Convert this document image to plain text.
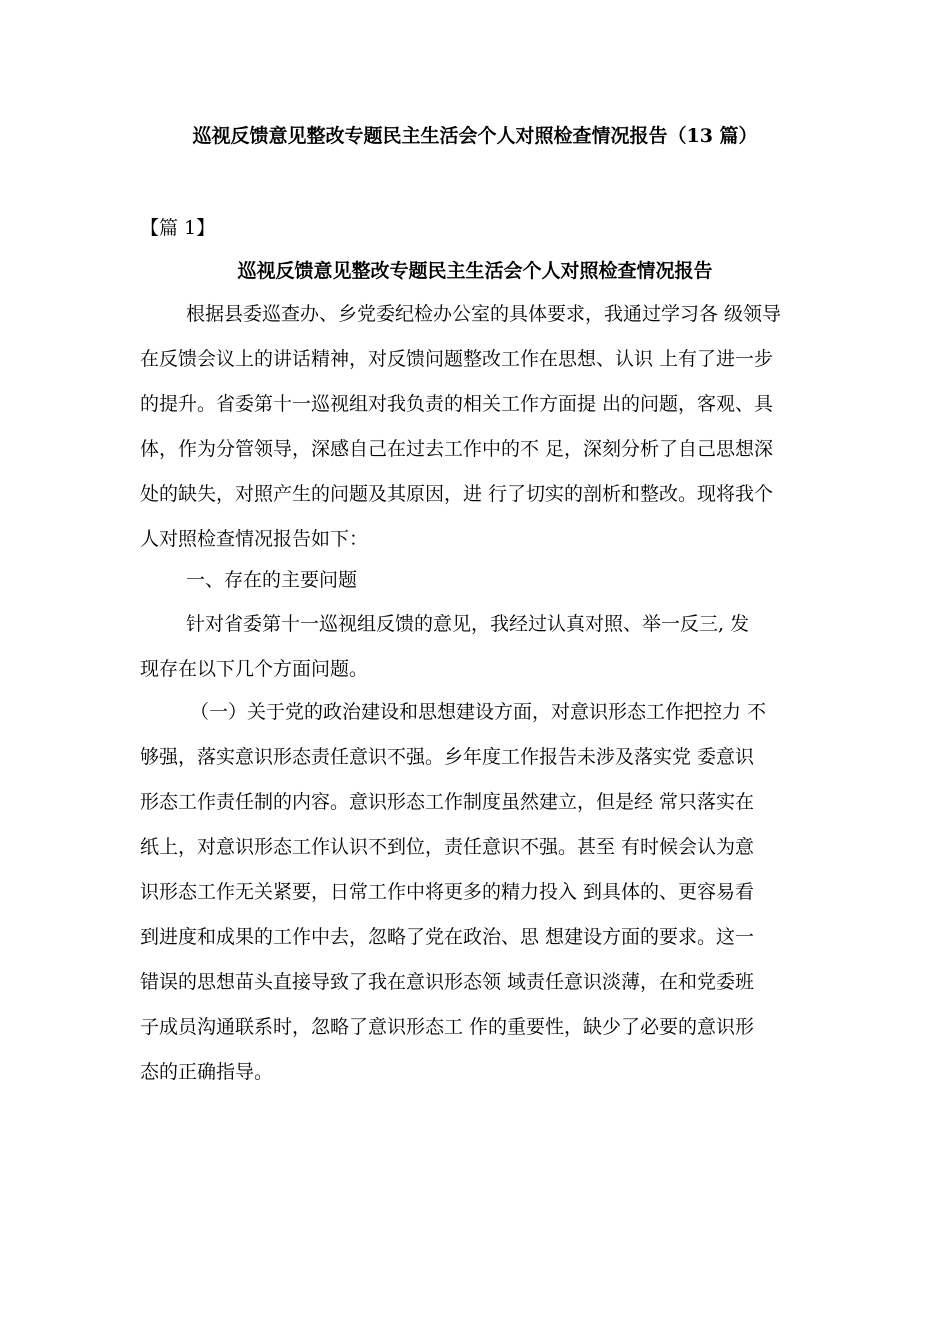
巡视反馈意见整改专题民主生活会个人对照检查情况报告（13 篇）
【篇 1】
巡视反馈意见整改专题民主生活会个人对照检查情况报告
根据县委巡查办、乡党委纪检办公室的具体要求，我通过学习各 级领导
在反馈会议上的讲话精神，对反馈问题整改工作在思想、认识 上有了进一步
的提升。省委第十一巡视组对我负责的相关工作方面提 出的问题，客观、具
体，作为分管领导，深感自己在过去工作中的不 足，深刻分析了自己思想深
处的缺失，对照产生的问题及其原因，进 行了切实的剖析和整改。现将我个
人对照检查情况报告如下：
一、存在的主要问题
针对省委第十一巡视组反馈的意见，我经过认真对照、举一反三, 发
现存在以下几个方面问题。
（一）关于党的政治建设和思想建设方面，对意识形态工作把控力 不
够强，落实意识形态责任意识不强。乡年度工作报告未涉及落实党 委意识
形态工作责任制的内容。意识形态工作制度虽然建立，但是经 常只落实在
纸上，对意识形态工作认识不到位，责任意识不强。甚至 有时候会认为意
识形态工作无关紧要，日常工作中将更多的精力投入 到具体的、更容易看
到进度和成果的工作中去，忽略了党在政治、思 想建设方面的要求。这一
错误的思想苗头直接导致了我在意识形态领 域责任意识淡薄，在和党委班
子成员沟通联系时，忽略了意识形态工 作的重要性，缺少了必要的意识形
态的正确指导。
